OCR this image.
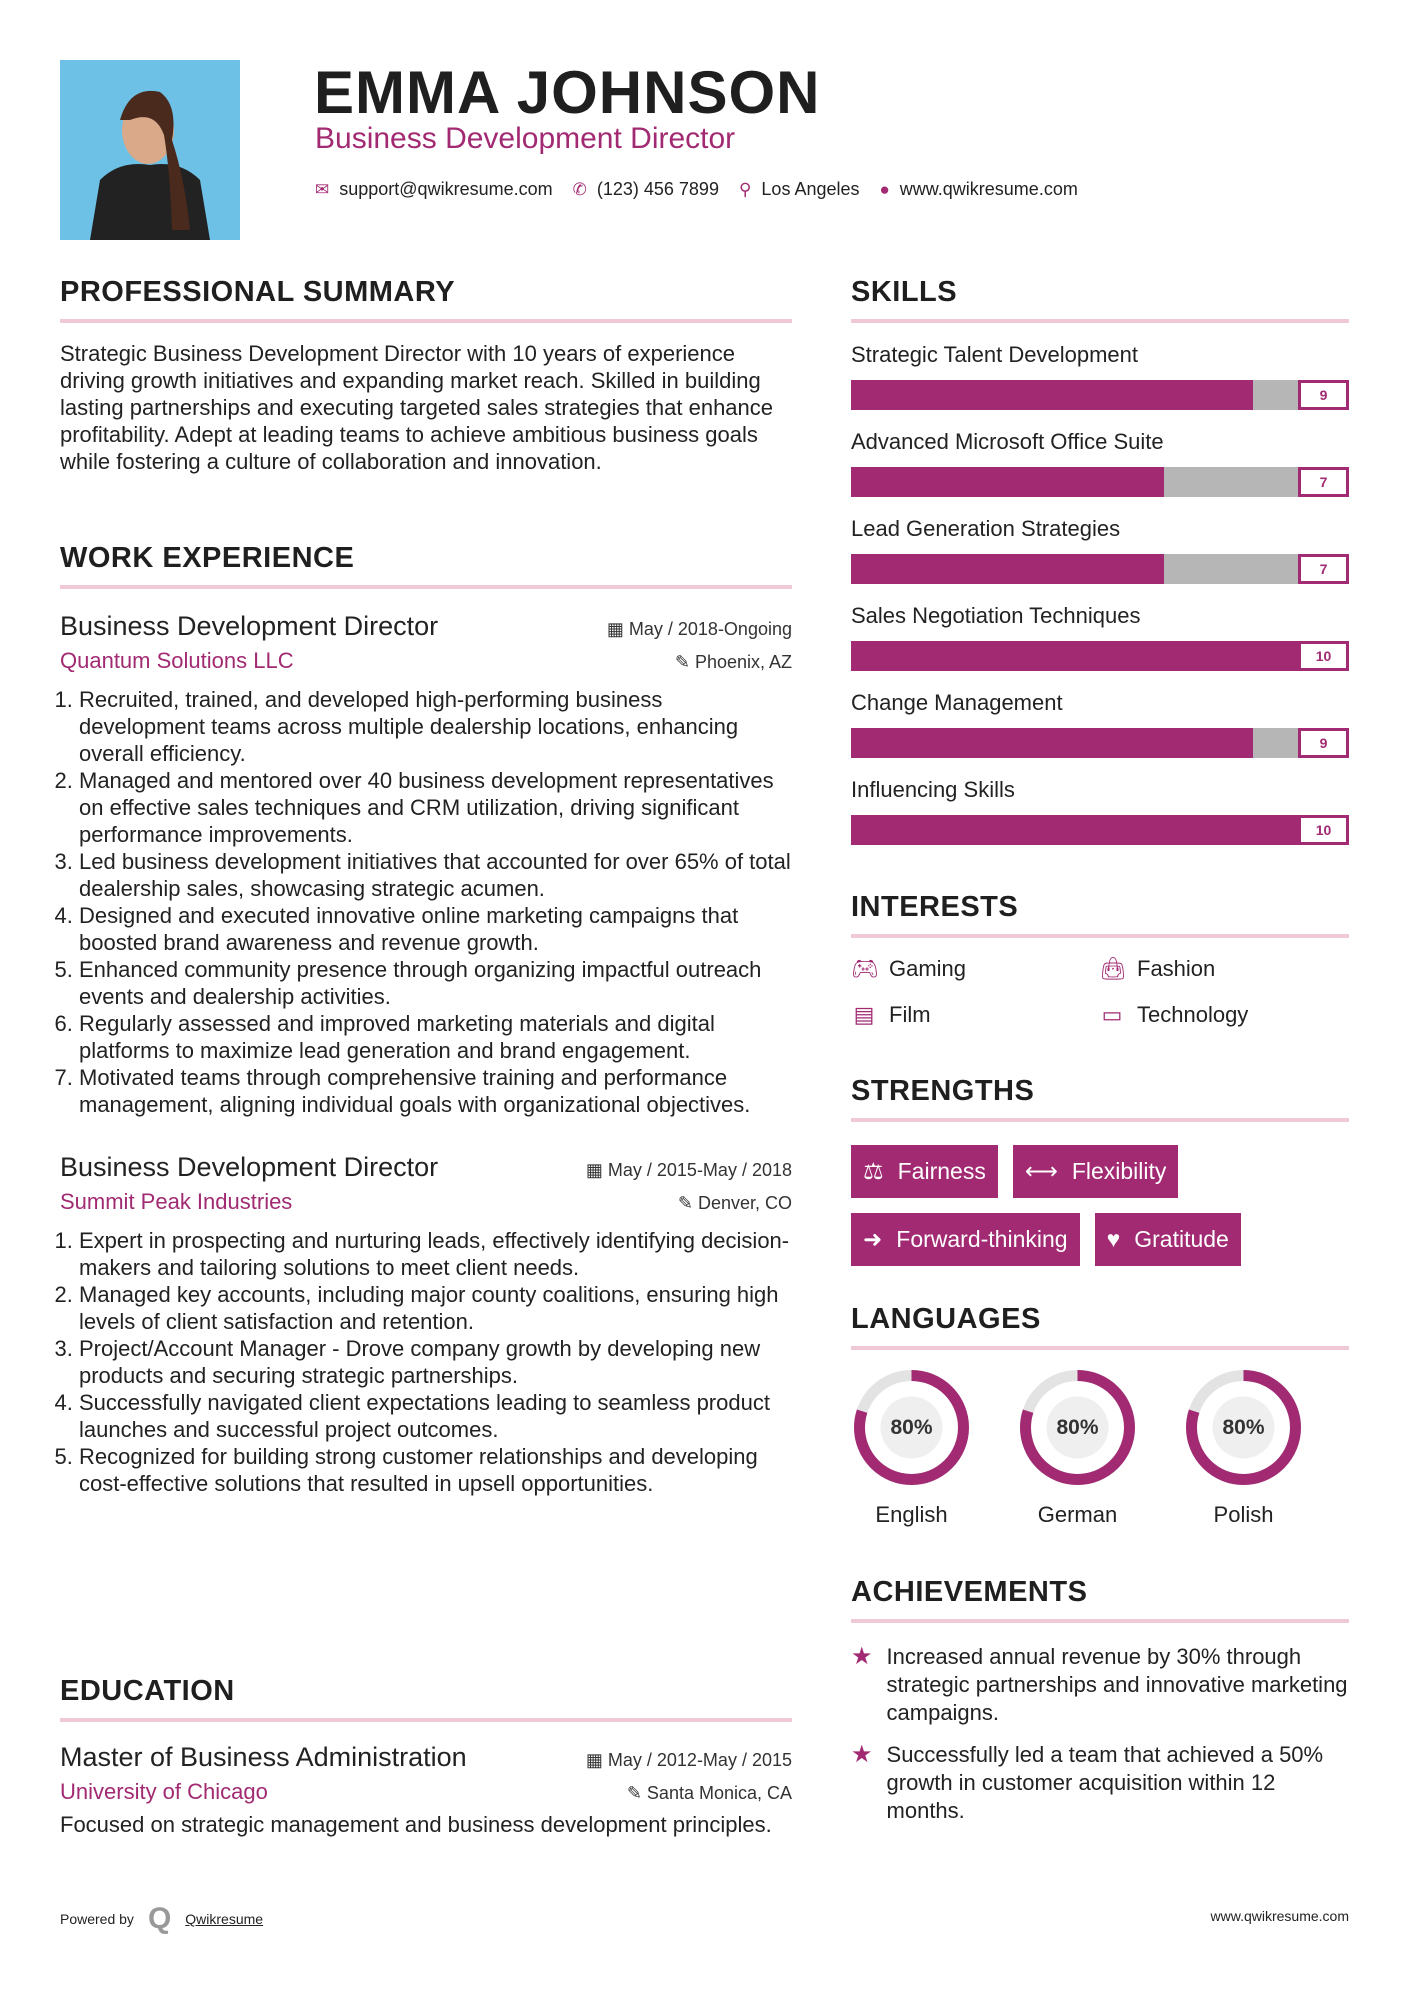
EMMA JOHNSON
Business Development Director
✉ support@qwikresume.com ✆ (123) 456 7899 ⚲ Los Angeles ● www.qwikresume.com
PROFESSIONAL SUMMARY
Strategic Business Development Director with 10 years of experience driving growth initiatives and expanding market reach. Skilled in building lasting partnerships and executing targeted sales strategies that enhance profitability. Adept at leading teams to achieve ambitious business goals while fostering a culture of collaboration and innovation.
WORK EXPERIENCE
Business Development Director	▦ May / 2018-Ongoing
Quantum Solutions LLC	✎ Phoenix, AZ
1. Recruited, trained, and developed high-performing business development teams across multiple dealership locations, enhancing overall efficiency.
2. Managed and mentored over 40 business development representatives on effective sales techniques and CRM utilization, driving significant performance improvements.
3. Led business development initiatives that accounted for over 65% of total dealership sales, showcasing strategic acumen.
4. Designed and executed innovative online marketing campaigns that boosted brand awareness and revenue growth.
5. Enhanced community presence through organizing impactful outreach events and dealership activities.
6. Regularly assessed and improved marketing materials and digital platforms to maximize lead generation and brand engagement.
7. Motivated teams through comprehensive training and performance management, aligning individual goals with organizational objectives.
Business Development Director	▦ May / 2015-May / 2018
Summit Peak Industries	✎ Denver, CO
1. Expert in prospecting and nurturing leads, effectively identifying decision-makers and tailoring solutions to meet client needs.
2. Managed key accounts, including major county coalitions, ensuring high levels of client satisfaction and retention.
3. Project/Account Manager - Drove company growth by developing new products and securing strategic partnerships.
4. Successfully navigated client expectations leading to seamless product launches and successful project outcomes.
5. Recognized for building strong customer relationships and developing cost-effective solutions that resulted in upsell opportunities.
EDUCATION
Master of Business Administration	▦ May / 2012-May / 2015
University of Chicago	✎ Santa Monica, CA
Focused on strategic management and business development principles.
Powered by Q Qwikresume	www.qwikresume.com
SKILLS
Strategic Talent Development
9
Advanced Microsoft Office Suite
7
Lead Generation Strategies
7
Sales Negotiation Techniques
10
Change Management
9
Influencing Skills
10
INTERESTS
🎮︎ Gaming	👜︎ Fashion
▤ Film	▭ Technology
STRENGTHS
⚖ Fairness ⟷ Flexibility
➜ Forward-thinking ♥ Gratitude
LANGUAGES
80%
English
80%
German
80%
Polish
ACHIEVEMENTS
★ Increased annual revenue by 30% through strategic partnerships and innovative marketing campaigns.
★ Successfully led a team that achieved a 50% growth in customer acquisition within 12 months.
